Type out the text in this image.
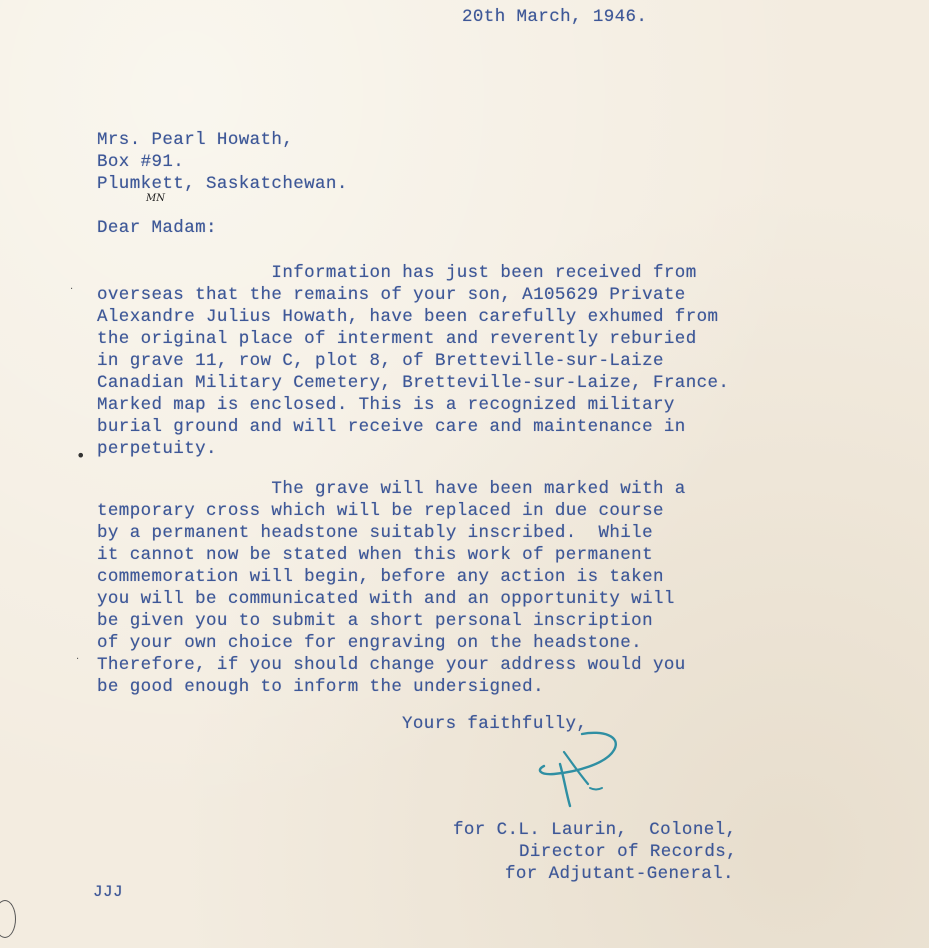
20th March, 1946.
Mrs. Pearl Howath,
Box #91.
Plumkett, Saskatchewan.
MN
Dear Madam:
Information has just been received from
overseas that the remains of your son, A105629 Private
Alexandre Julius Howath, have been carefully exhumed from
the original place of interment and reverently reburied
in grave 11, row C, plot 8, of Bretteville-sur-Laize
Canadian Military Cemetery, Bretteville-sur-Laize, France.
Marked map is enclosed. This is a recognized military
burial ground and will receive care and maintenance in
perpetuity.
The grave will have been marked with a
temporary cross which will be replaced in due course
by a permanent headstone suitably inscribed.  While
it cannot now be stated when this work of permanent
commemoration will begin, before any action is taken
you will be communicated with and an opportunity will
be given you to submit a short personal inscription
of your own choice for engraving on the headstone.
Therefore, if you should change your address would you
be good enough to inform the undersigned.
Yours faithfully,
for C.L. Laurin,  Colonel,
Director of Records,
for Adjutant-General.
JJJ
•
·
·
